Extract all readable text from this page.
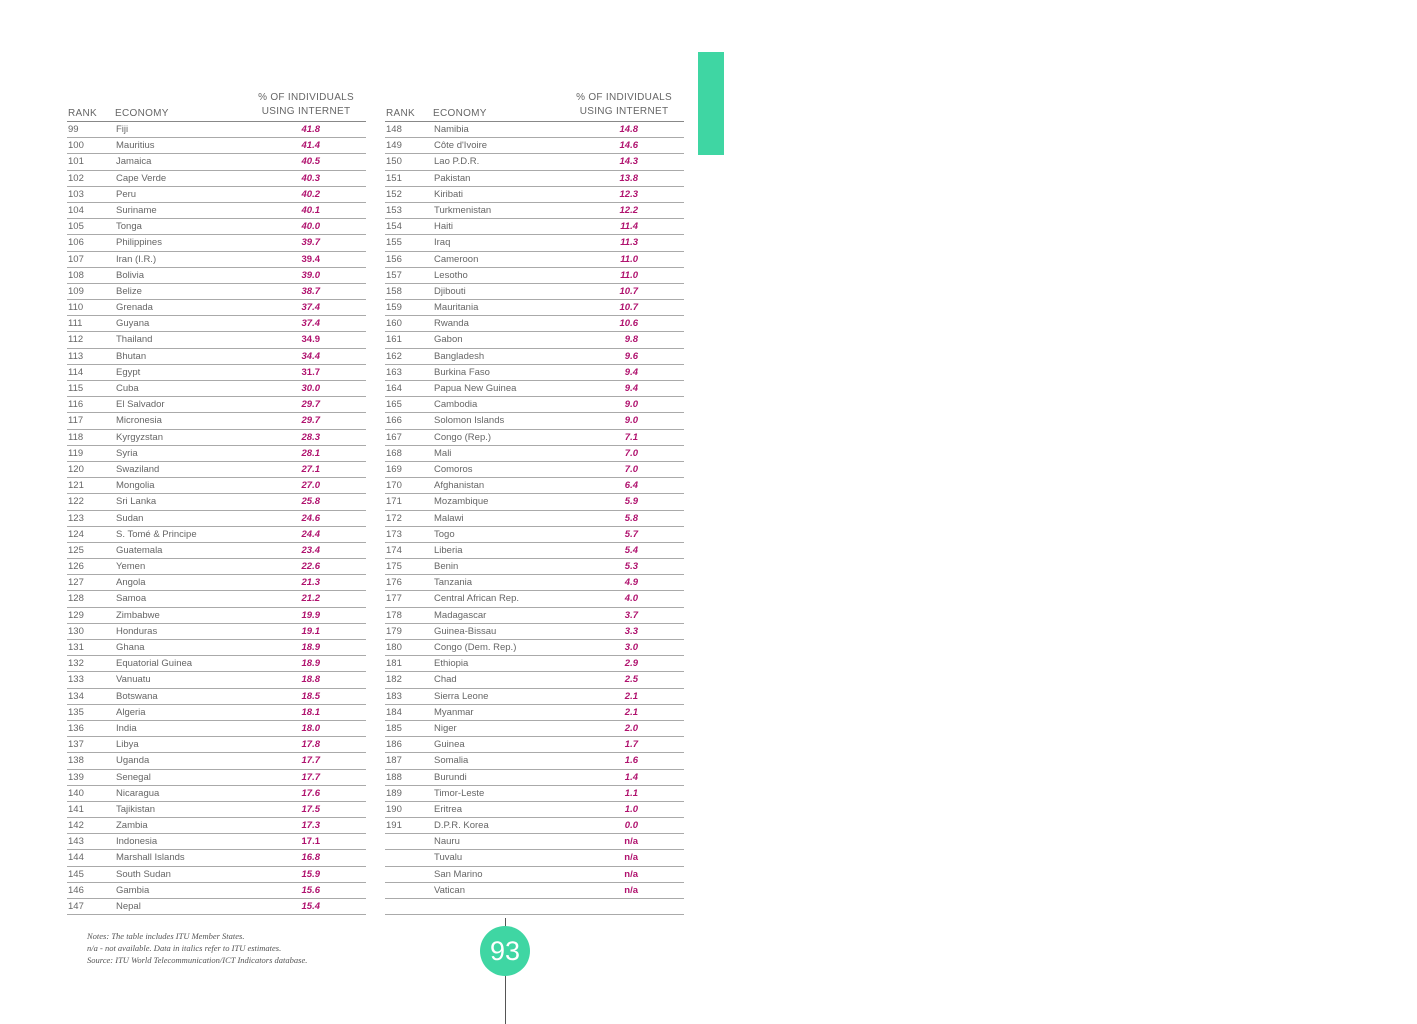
Annex  5
RANK ECONOMY
% OF INDIVIDUALS
USING INTERNET
99	Fiji	41.8
100	Mauritius	41.4
101	Jamaica	40.5
102	Cape Verde	40.3
103	Peru	40.2
104	Suriname	40.1
105	Tonga	40.0
106	Philippines	39.7
107	Iran (I.R.)	39.4
108	Bolivia	39.0
109	Belize	38.7
110	Grenada	37.4
111	Guyana	37.4
112	Thailand	34.9
113	Bhutan	34.4
114	Egypt	31.7
115	Cuba	30.0
116	El Salvador	29.7
117	Micronesia	29.7
118	Kyrgyzstan	28.3
119	Syria	28.1
120	Swaziland	27.1
121	Mongolia	27.0
122	Sri Lanka	25.8
123	Sudan	24.6
124	S. Tomé & Principe	24.4
125	Guatemala	23.4
126	Yemen	22.6
127	Angola	21.3
128	Samoa	21.2
129	Zimbabwe	19.9
130	Honduras	19.1
131	Ghana	18.9
132	Equatorial Guinea	18.9
133	Vanuatu	18.8
134	Botswana	18.5
135	Algeria	18.1
136	India	18.0
137	Libya	17.8
138	Uganda	17.7
139	Senegal	17.7
140	Nicaragua	17.6
141	Tajikistan	17.5
142	Zambia	17.3
143	Indonesia	17.1
144	Marshall Islands	16.8
145	South Sudan	15.9
146	Gambia	15.6
147	Nepal	15.4
RANK ECONOMY
% OF INDIVIDUALS
USING INTERNET
148	Namibia	14.8
149	Côte d'Ivoire	14.6
150	Lao P.D.R.	14.3
151	Pakistan	13.8
152	Kiribati	12.3
153	Turkmenistan	12.2
154	Haiti	11.4
155	Iraq	11.3
156	Cameroon	11.0
157	Lesotho	11.0
158	Djibouti	10.7
159	Mauritania	10.7
160	Rwanda	10.6
161	Gabon	9.8
162	Bangladesh	9.6
163	Burkina Faso	9.4
164	Papua New Guinea	9.4
165	Cambodia	9.0
166	Solomon Islands	9.0
167	Congo (Rep.)	7.1
168	Mali	7.0
169	Comoros	7.0
170	Afghanistan	6.4
171	Mozambique	5.9
172	Malawi	5.8
173	Togo	5.7
174	Liberia	5.4
175	Benin	5.3
176	Tanzania	4.9
177	Central African Rep.	4.0
178	Madagascar	3.7
179	Guinea-Bissau	3.3
180	Congo (Dem. Rep.)	3.0
181	Ethiopia	2.9
182	Chad	2.5
183	Sierra Leone	2.1
184	Myanmar	2.1
185	Niger	2.0
186	Guinea	1.7
187	Somalia	1.6
188	Burundi	1.4
189	Timor-Leste	1.1
190	Eritrea	1.0
191	D.P.R. Korea	0.0
Nauru	n/a
Tuvalu	n/a
San Marino	n/a
Vatican	n/a
Notes: The table includes ITU Member States.
n/a - not available. Data in italics refer to ITU estimates.
Source: ITU World Telecommunication/ICT Indicators database.	93
